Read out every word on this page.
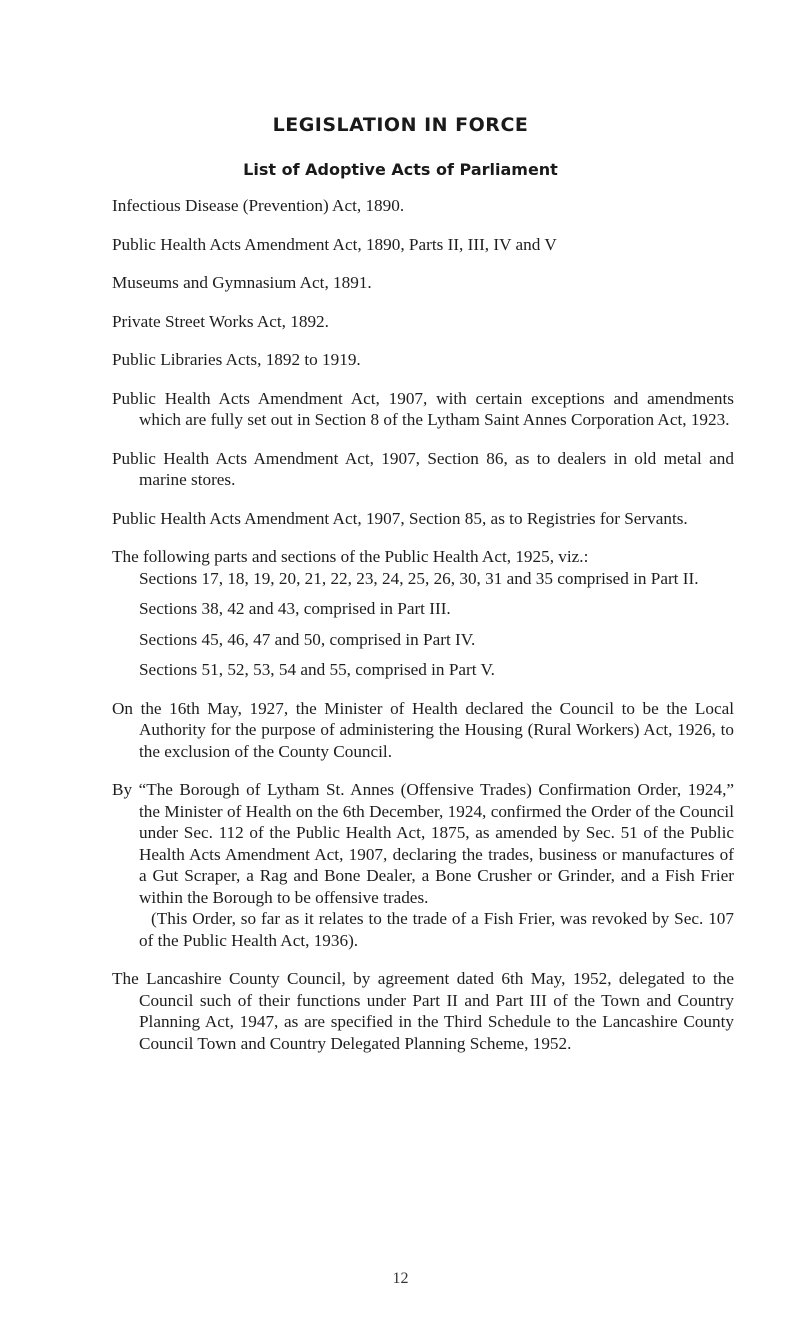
LEGISLATION IN FORCE
List of Adoptive Acts of Parliament

Infectious Disease (Prevention) Act, 1890.

Public Health Acts Amendment Act, 1890, Parts II, III, IV and V

Museums and Gymnasium Act, 1891.

Private Street Works Act, 1892.

Public Libraries Acts, 1892 to 1919.

Public Health Acts Amendment Act, 1907, with certain exceptions and amendments which are fully set out in Section 8 of the Lytham Saint Annes Corporation Act, 1923.

Public Health Acts Amendment Act, 1907, Section 86, as to dealers in old metal and marine stores.

Public Health Acts Amendment Act, 1907, Section 85, as to Registries for Servants.

The following parts and sections of the Public Health Act, 1925, viz.:

Sections 17, 18, 19, 20, 21, 22, 23, 24, 25, 26, 30, 31 and 35 comprised in Part II.

Sections 38, 42 and 43, comprised in Part III.

Sections 45, 46, 47 and 50, comprised in Part IV.

Sections 51, 52, 53, 54 and 55, comprised in Part V.

On the 16th May, 1927, the Minister of Health declared the Council to be the Local Authority for the purpose of administering the Housing (Rural Workers) Act, 1926, to the exclusion of the County Council.

By “The Borough of Lytham St. Annes (Offensive Trades) Confirmation Order, 1924,” the Minister of Health on the 6th December, 1924, confirmed the Order of the Council under Sec. 112 of the Public Health Act, 1875, as amended by Sec. 51 of the Public Health Acts Amendment Act, 1907, declaring the trades, business or manufactures of a Gut Scraper, a Rag and Bone Dealer, a Bone Crusher or Grinder, and a Fish Frier within the Borough to be offensive trades.

(This Order, so far as it relates to the trade of a Fish Frier, was revoked by Sec. 107 of the Public Health Act, 1936).

The Lancashire County Council, by agreement dated 6th May, 1952, delegated to the Council such of their functions under Part II and Part III of the Town and Country Planning Act, 1947, as are specified in the Third Schedule to the Lancashire County Council Town and Country Delegated Planning Scheme, 1952.

12
